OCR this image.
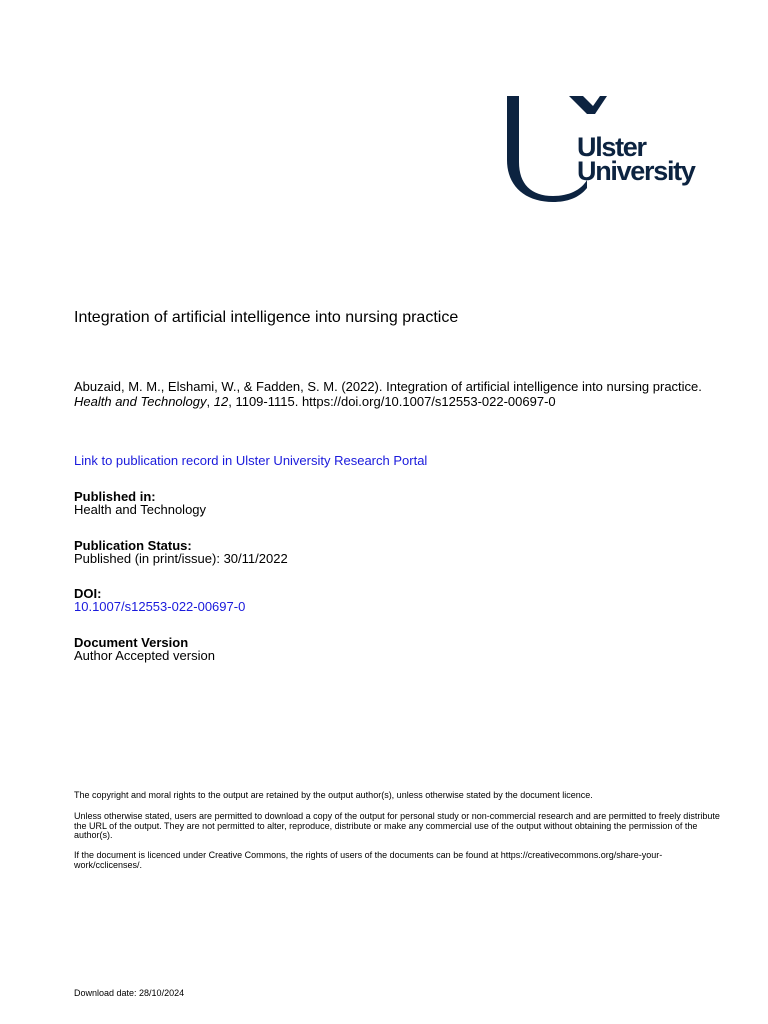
Ulster
University
Integration of artificial intelligence into nursing practice
Abuzaid, M. M., Elshami, W., & Fadden, S. M. (2022). Integration of artificial intelligence into nursing practice.
Health and Technology, 12, 1109-1115. https://doi.org/10.1007/s12553-022-00697-0
Link to publication record in Ulster University Research Portal
Published in:
Health and Technology
Publication Status:
Published (in print/issue): 30/11/2022
DOI:
10.1007/s12553-022-00697-0
Document Version
Author Accepted version

The copyright and moral rights to the output are retained by the output author(s), unless otherwise stated by the document licence.

Unless otherwise stated, users are permitted to download a copy of the output for personal study or non-commercial research and are permitted to freely distribute the URL of the output. They are not permitted to alter, reproduce, distribute or make any commercial use of the output without obtaining the permission of the author(s).

If the document is licenced under Creative Commons, the rights of users of the documents can be found at https://creativecommons.org/share-your-work/cclicenses/.

Download date: 28/10/2024
